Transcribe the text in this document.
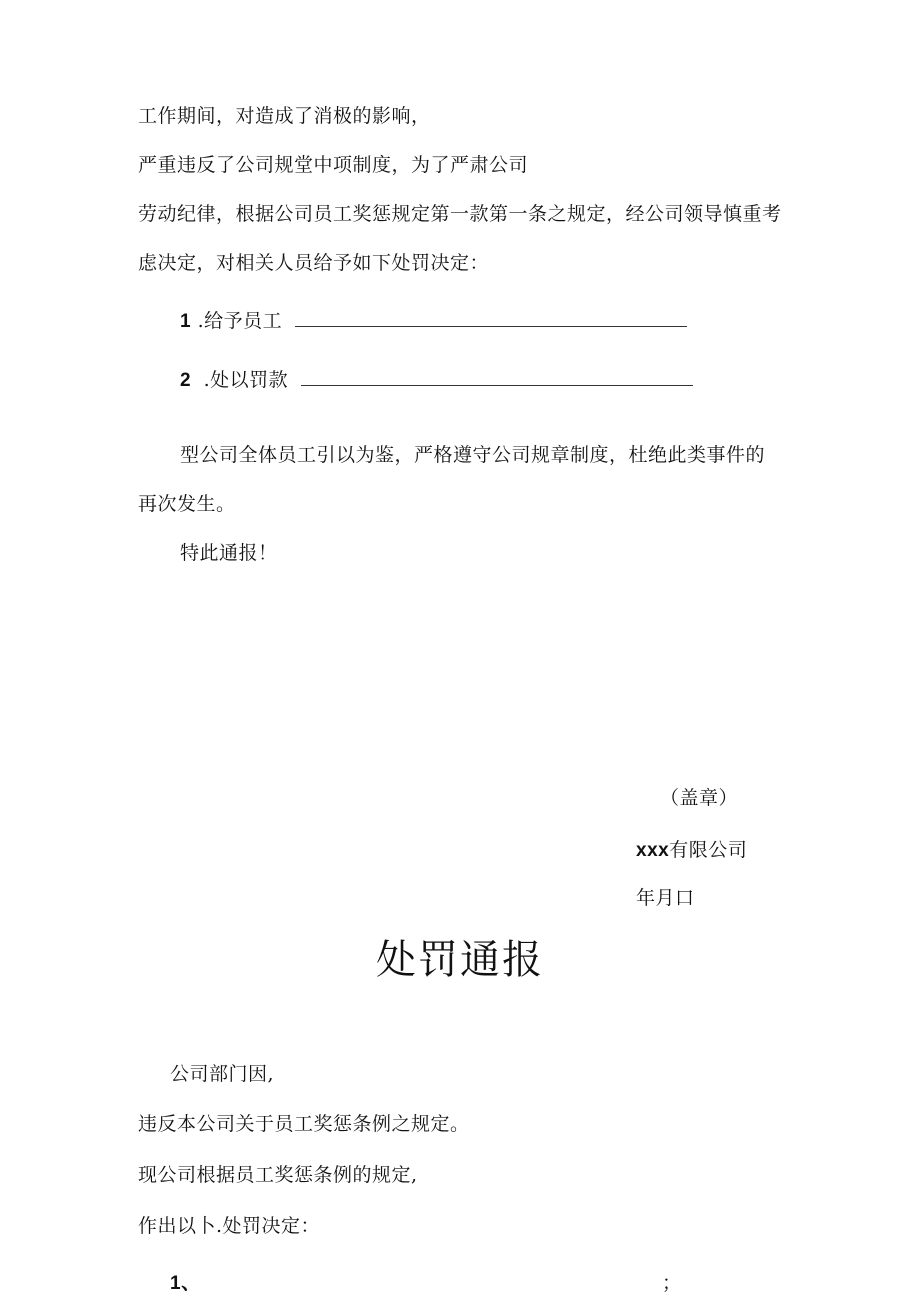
工作期间，对造成了消极的影响，
严重违反了公司规堂中项制度，为了严肃公司
劳动纪律，根据公司员工奖惩规定第一款第一条之规定，经公司领导慎重考
虑决定，对相关人员给予如下处罚决定：
1 .给予员工
2 .处以罚款
型公司全体员工引以为鉴，严格遵守公司规章制度，杜绝此类事件的
再次发生。
特此通报！
（盖章）
xxx有限公司
年月口
处罚通报
公司部门因,
违反本公司关于员工奖惩条例之规定。
现公司根据员工奖惩条例的规定,
作出以卜.处罚决定：
1、	；
